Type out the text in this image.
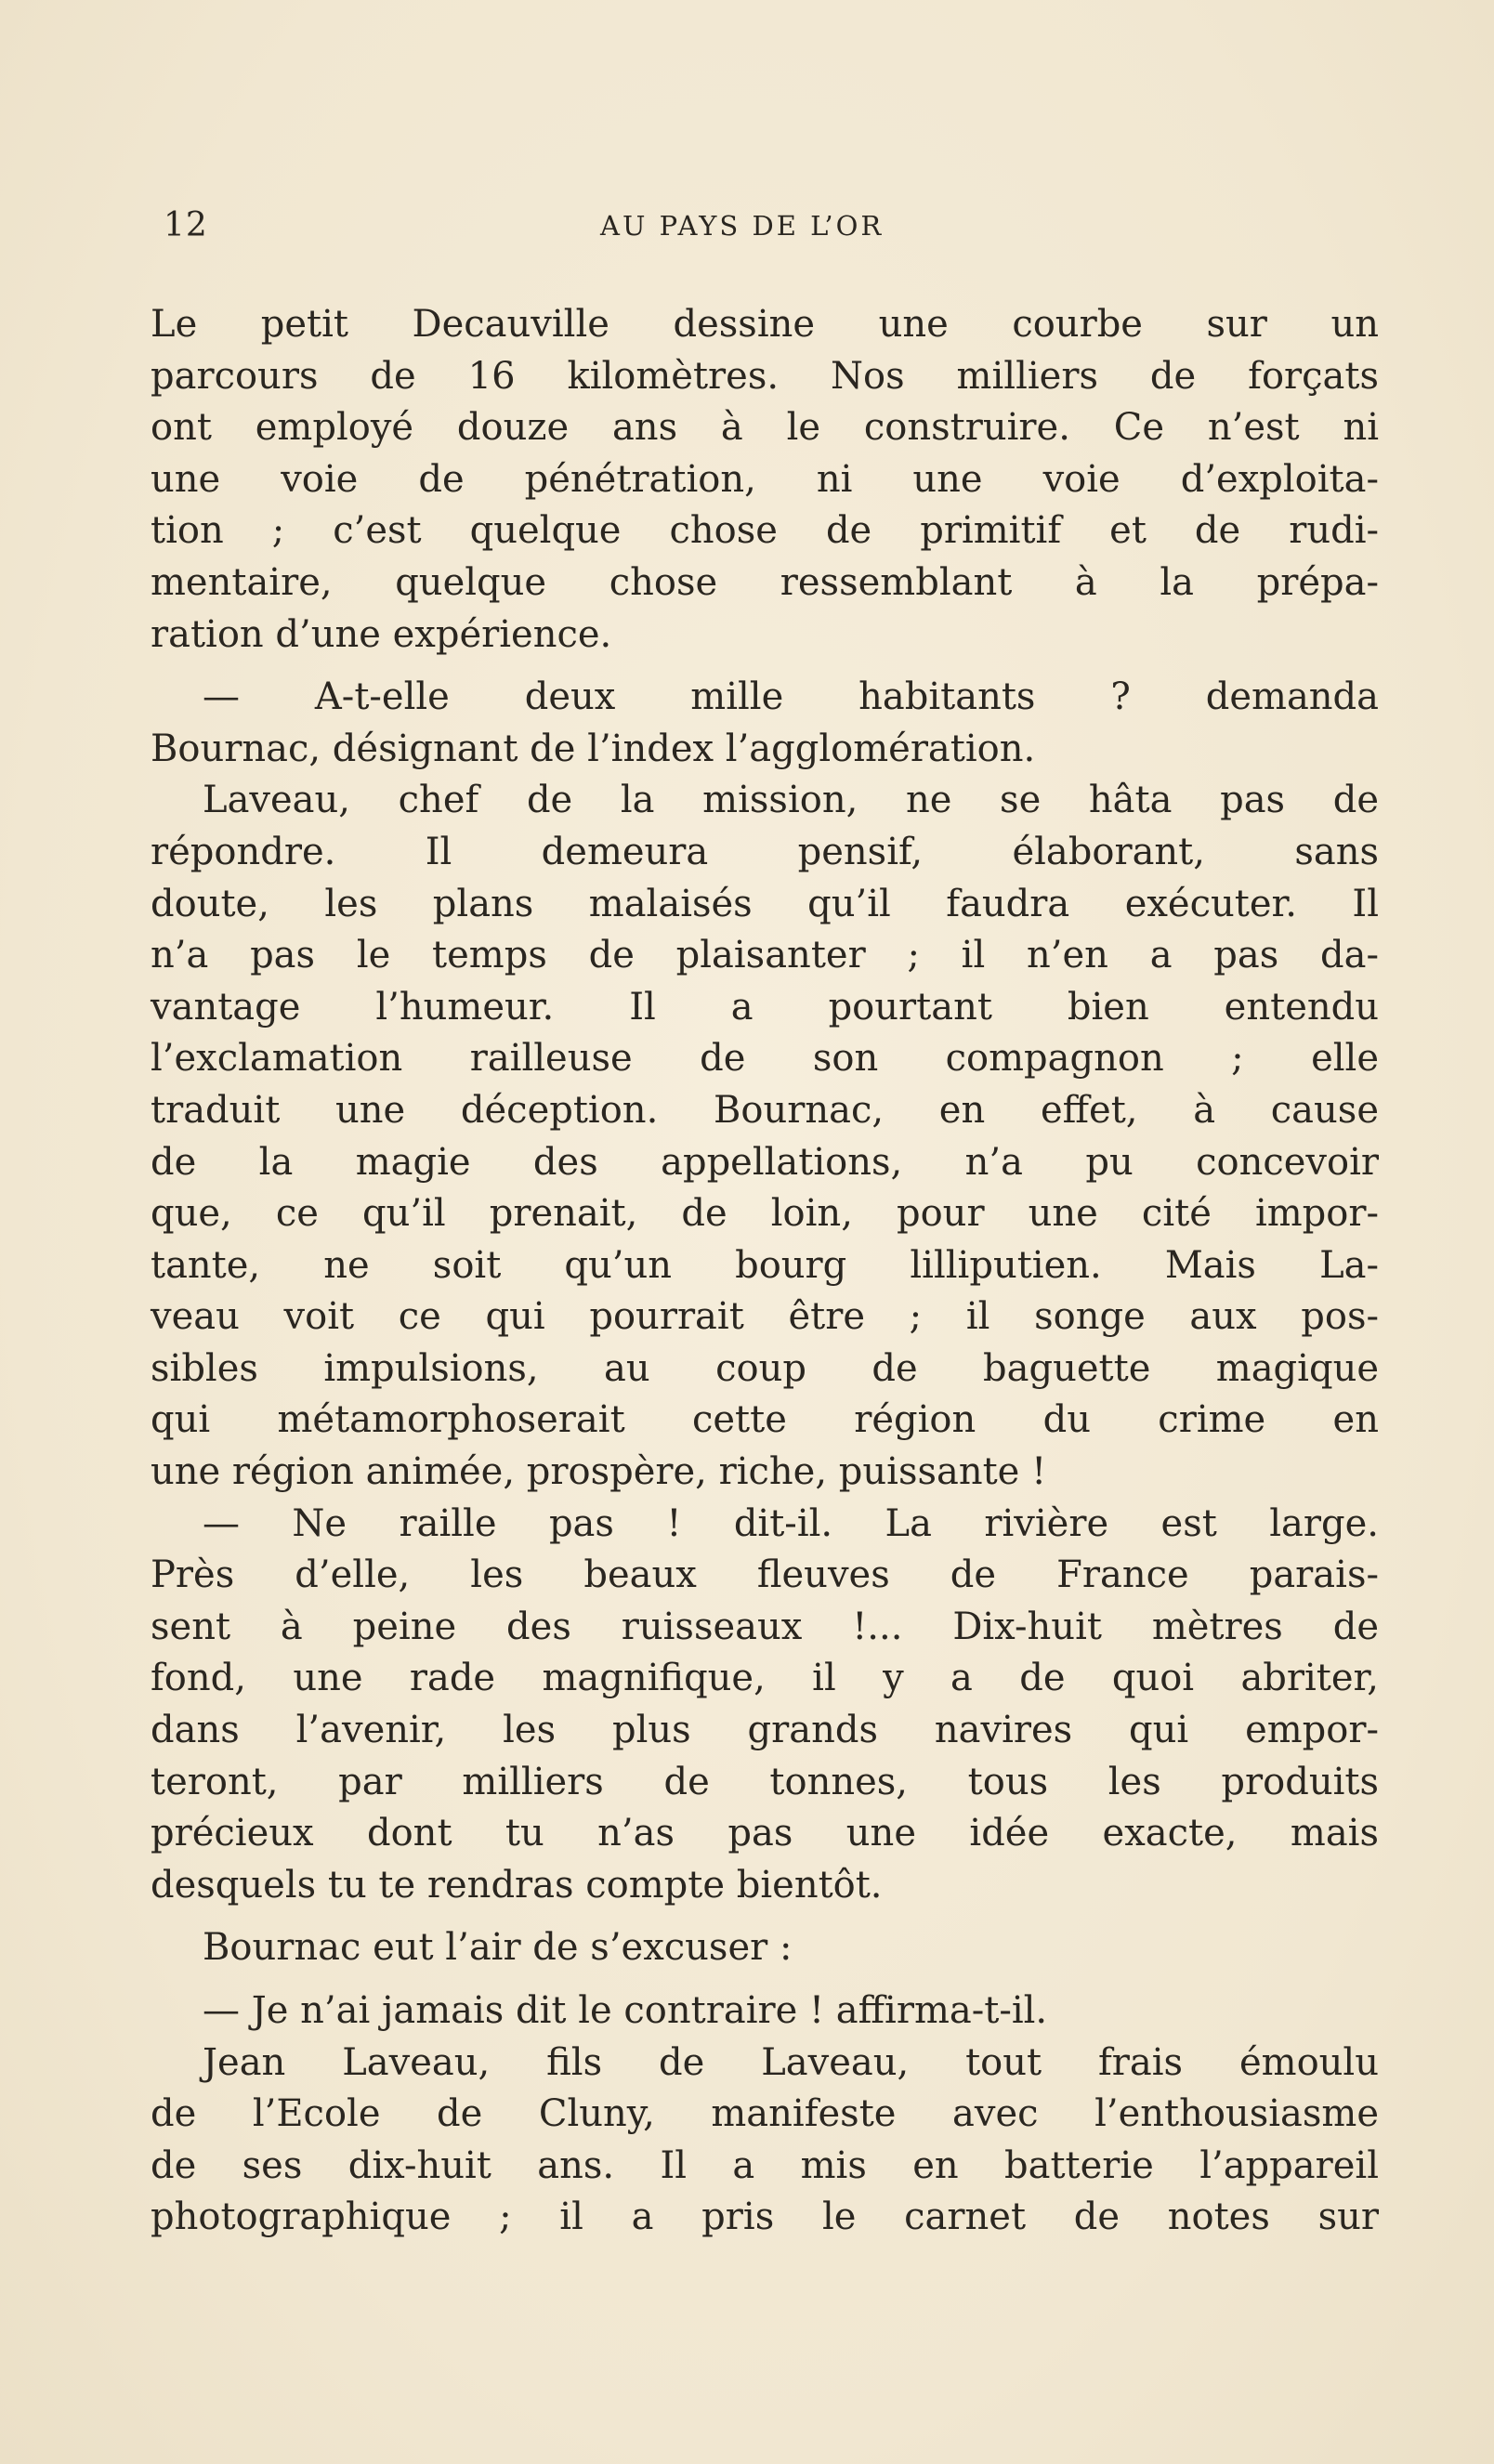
12	AU PAYS DE L’OR
Le petit Decauville dessine une courbe sur un
parcours de 16 kilomètres. Nos milliers de forçats
ont employé douze ans à le construire. Ce n’est ni
une voie de pénétration, ni une voie d’exploita-
tion ; c’est quelque chose de primitif et de rudi-
mentaire, quelque chose ressemblant à la prépa-
ration d’une expérience.
— A-t-elle deux mille habitants ? demanda
Bournac, désignant de l’index l’agglomération.
Laveau, chef de la mission, ne se hâta pas de
répondre. Il demeura pensif, élaborant, sans
doute, les plans malaisés qu’il faudra exécuter. Il
n’a pas le temps de plaisanter ; il n’en a pas da-
vantage l’humeur. Il a pourtant bien entendu
l’exclamation railleuse de son compagnon ; elle
traduit une déception. Bournac, en effet, à cause
de la magie des appellations, n’a pu concevoir
que, ce qu’il prenait, de loin, pour une cité impor-
tante, ne soit qu’un bourg lilliputien. Mais La-
veau voit ce qui pourrait être ; il songe aux pos-
sibles impulsions, au coup de baguette magique
qui métamorphoserait cette région du crime en
une région animée, prospère, riche, puissante !
— Ne raille pas ! dit-il. La rivière est large.
Près d’elle, les beaux fleuves de France parais-
sent à peine des ruisseaux !... Dix-huit mètres de
fond, une rade magnifique, il y a de quoi abriter,
dans l’avenir, les plus grands navires qui empor-
teront, par milliers de tonnes, tous les produits
précieux dont tu n’as pas une idée exacte, mais
desquels tu te rendras compte bientôt.
Bournac eut l’air de s’excuser :
— Je n’ai jamais dit le contraire ! affirma-t-il.
Jean Laveau, fils de Laveau, tout frais émoulu
de l’Ecole de Cluny, manifeste avec l’enthousiasme
de ses dix-huit ans. Il a mis en batterie l’appareil
photographique ; il a pris le carnet de notes sur
